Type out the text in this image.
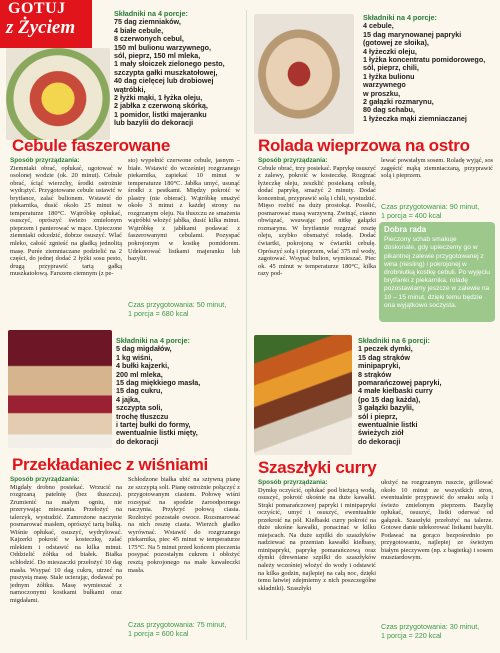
GOTUJ
z Życiem
Składniki na 4 porcje:
75 dag ziemniaków,
4 białe cebule,
8 czerwonych cebul,
150 ml bulionu warzywnego,
sól, pieprz, 150 ml mleka,
1 mały słoiczek zielonego pesto,
szczypta gałki muszkatołowej,
40 dag cielęcej lub drobiowej wątróbki,
2 łyżki mąki, 1 łyżka oleju,
2 jabłka z czerwoną skórką,
1 pomidor, listki majeranku
lub bazylii do dekoracji
Cebule faszerowane
Sposób przyrządzania:
Ziemniaki obrać, opłukać, ugotować w osolonej wodzie (ok. 20 minut). Cebule obrać, ściąć wierzchy, środki ostrożnie wydrążyć. Przygotowane cebule ustawić w brytfance, zalać bulionem. Wstawić do piekarnika, dusić około 25 minut w temperaturze 180°C. Wątróbkę opłukać, osuszyć, oprószyć świeżo zmielonym pieprzem i panierować w mące. Upieczone ziemniaki odcedzić, dobrze osuszyć. Wlać mleko, całość zgnieść na gładką jednolitą masę. Purée ziemniaczane podzielić na 2 części, do jednej dodać 2 łyżki sosu pesto, drugą przyprawić tartą gałką muszkatołową. Farszem ciemnym (z pe-
sto) wypełnić czerwone cebule, jasnym – białe. Wstawić do wcześniej rozgrzanego piekarnika, zapiekać 10 minut w temperaturze 180°C. Jabłka umyć, usunąć środki z pestkami. Między pokroić w plastry (nie obierać). Wątróbkę smażyć około 3 minut z każdej strony na rozgrzanym oleju. Na tłuszczu ze smażenia wątróbki włożyć jabłka, dusić kilka minut. Wątróbkę z jabłkami podawać z faszerowanymi cebulami. Pozyspać pokrojonym w kostkę pomidorem. Udekorować listkami majeranku lub bazylii.
Czas przygotowania: 50 minut,
1 porcja = 680 kcal
Składniki na 4 porcje:
4 cebule,
15 dag marynowanej papryki
(gotowej ze słoika),
4 łyżeczki oleju,
1 łyżka koncentratu pomidorowego,
sól, pieprz, chili,
1 łyżka bulionu
warzywnego
w proszku,
2 gałązki rozmarynu,
80 dag schabu,
1 łyżeczka mąki ziemniaczanej
Rolada wieprzowa na ostro
Sposób przyrządzania:
Cebule obrać, trzy posiekać. Paprykę osuszyć z zalewy, pokroić w kosteczkę. Rozgrzać łyżeczkę oleju, zeszklić posiekaną cebulę, dodać paprykę, smażyć 2 minuty. Dodać koncentrat, przyprawić solą i chili, wystudzić. Mięso rozbić na duży prostokąt. Posolić, posmarować masą warzywną. Zwinąć, ciasno obwiązać, wsuwając pod nitkę gałązki rozmarynu. W brytfannie rozgrzać resztę oleju, szybko obsmażyć roladę. Dodać ćwiartki, pokrojoną w ćwiartki cebulę. Oprószyć solą i pieprzem, wlać 375 ml wody, zagotować. Wsypać bulion, wymieszać. Piec ok. 45 minut w temperaturze 180°C, kilka razy pod-
lewać powstałym sosem. Roladę wyjąć, sos zagęścić mąką ziemniaczaną, przyprawić solą i pieprzem.
Czas przygotowania: 90 minut,
1 porcja = 400 kcal
Dobra rada
Pieczony schab smakuje doskonale, gdy upieczemy go w pikantnej zalewie przygotowanej z wina (riesling) i pokrojonej w drobniutką kostkę cebuli. Po wyjęciu brytfanki z piekarnika, roladę pozostawiamy jeszcze w zalewie na 10 – 15 minut, dzięki temu będzie ona wyjątkowo soczysta.
Składniki na 4 porcje:
5 dag migdałów,
1 kg wiśni,
4 bułki kajzerki,
200 ml mleka,
15 dag miękkiego masła,
15 dag cukru,
4 jajka,
szczypta soli,
trochę tłuszczu
i tartej bułki do formy,
ewentualnie listki mięty,
do dekoracji
Przekładaniec z wiśniami
Sposób przyrządzania:
Migdały drobno posiekać. Wrzucić na rozgrzaną patelnię (bez tłuszczu). Zrumienić na małym ogniu, nie przerywając mieszania. Przełożyć na talerzyk, wystudzić. Zamrożone naczynie posmarować masłem, oprószyć tartą bułką. Wiśnie opłukać, osuszyć, wydrylować. Kajzerki pokroić w kosteczkę, zalać mlekiem i odstawić na kilka minut. Oddzielić żółtka od białek. Białka schłodzić. Do mieszaczki przełożyć 10 dag masła. Wsypać 10 dag cukru, utrzeć na puszystą masę. Stale ucierając, dodawać po jednym żółtku. Masę wymieszać z namoczonymi kostkami bułkami oraz migdałami.
Schłodzone białka ubić na sztywną pianę ze szczyptą soli. Pianę ostrożnie połączyć z przygotowanym ciastem. Połowę wiśni rozsypać na spodzie żaroodpornego naczynia. Przykryć połową ciasta. Rozłożyć pozostałe owoce. Rozsmarować na nich resztę ciasta. Wierzch gładko wyrównać. Wstawić do rozgrzanego piekarnika, piec 45 minut w temperaturze 175°C. Na 5 minut przed końcem pieczenia posypać pozostałym cukrem i obłożyć resztą pokrojonego na małe kawałeczki masła.
Czas przygotowania: 75 minut,
1 porcja = 600 kcal
Składniki na 6 porcji:
1 peczek dymki,
15 dag strąków
minipapryki,
8 strąków
pomarańczowej papryki,
4 małe kiełbaski curry
(po 15 dag każda),
3 gałązki bazylii,
sól i pieprz,
ewentualnie listki
świeżych ziół
do dekoracji
Szaszłyki curry
Sposób przyrządzania:
Dymkę oczyścić, opłukać pod bieżącą wodą, osuszyć, pokroić ukośnie na duże kawałki. Strąki pomarańczowej papryki i minipapryki oczyścić, umyć i osuszyć, ewentualnie przekroić na pół. Kiełbaski curry pokroić na duże ukośne kawałki, ponacinać w kilku miejscach. Na duże szpilki do szaszłyków nadziewać na przemian kawałki kiełbasy, minipapryki, paprykę pomarańczową oraz dymki (drewniane szpilki do szaszłyków należy wcześniej włożyć do wody i odstawić na kilka godzin, najlepiej na całą noc, dzięki temu łatwiej zdejmiemy z nich poszczególne składniki). Szaszłyki
ułożyć na rozgrzanym ruszcie, grillować około 10 minut ze wszystkich stron, ewentualnie przyprawić do smaku solą i świeżo zmielonym pieprzem. Bazylię opłukać, osuszyć, listki oderwać od gałązek. Szaszłyki przełożyć na talerze. Gotowe danie udekorować listkami bazylii. Podawać na gorąco bezpośrednio po przygotowaniu, najlepiej ze świeżym białym pieczywem (np. z bagietką) i sosem musztardowym.
Czas przygotowania: 30 minut,
1 porcja = 220 kcal
